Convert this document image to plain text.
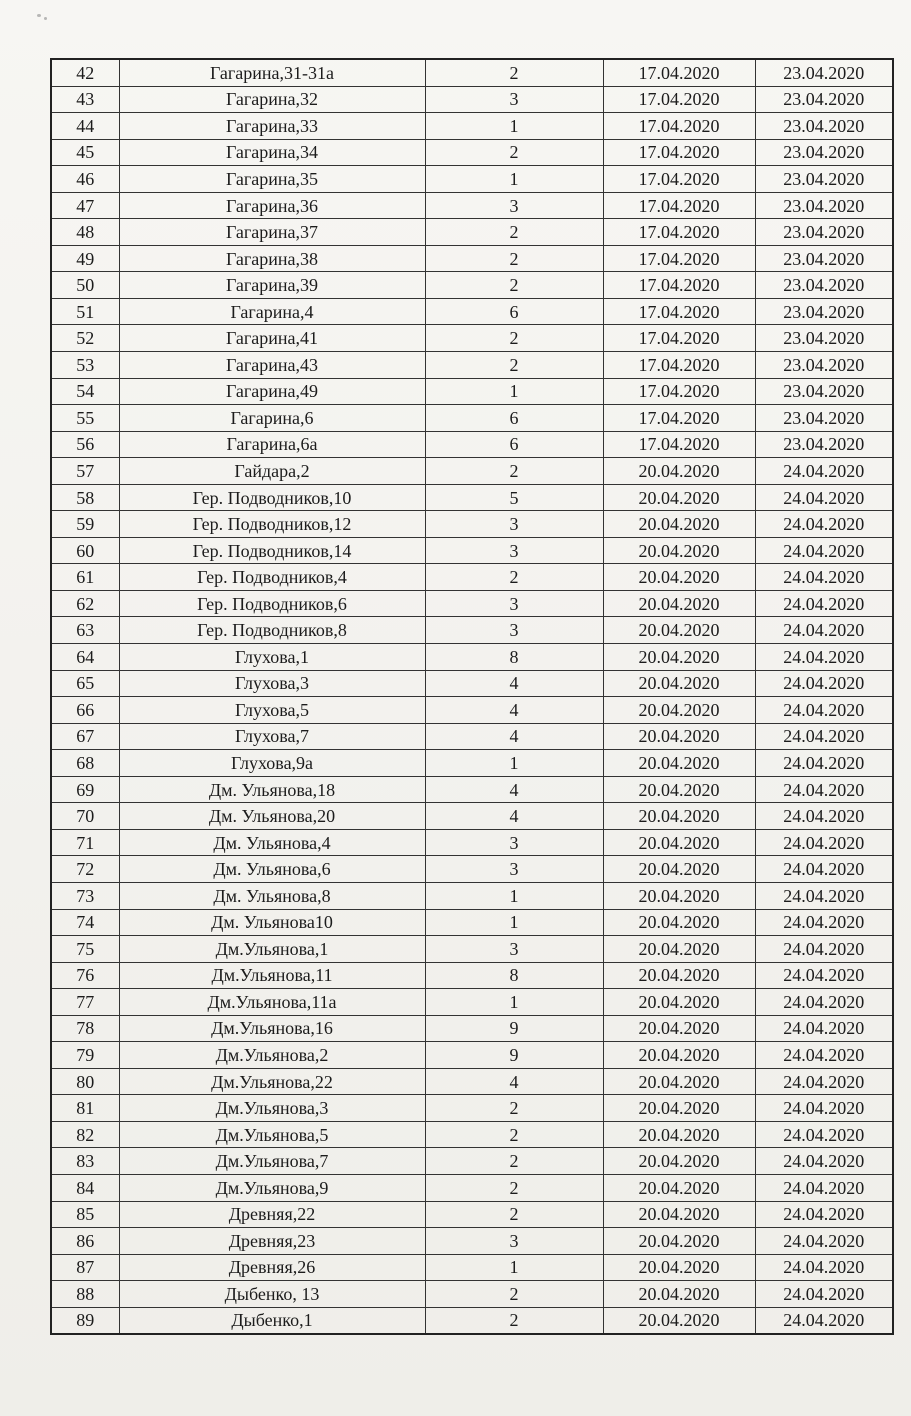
42	Гагарина,31-31а	2	17.04.2020	23.04.2020
43	Гагарина,32	3	17.04.2020	23.04.2020
44	Гагарина,33	1	17.04.2020	23.04.2020
45	Гагарина,34	2	17.04.2020	23.04.2020
46	Гагарина,35	1	17.04.2020	23.04.2020
47	Гагарина,36	3	17.04.2020	23.04.2020
48	Гагарина,37	2	17.04.2020	23.04.2020
49	Гагарина,38	2	17.04.2020	23.04.2020
50	Гагарина,39	2	17.04.2020	23.04.2020
51	Гагарина,4	6	17.04.2020	23.04.2020
52	Гагарина,41	2	17.04.2020	23.04.2020
53	Гагарина,43	2	17.04.2020	23.04.2020
54	Гагарина,49	1	17.04.2020	23.04.2020
55	Гагарина,6	6	17.04.2020	23.04.2020
56	Гагарина,6а	6	17.04.2020	23.04.2020
57	Гайдара,2	2	20.04.2020	24.04.2020
58	Гер. Подводников,10	5	20.04.2020	24.04.2020
59	Гер. Подводников,12	3	20.04.2020	24.04.2020
60	Гер. Подводников,14	3	20.04.2020	24.04.2020
61	Гер. Подводников,4	2	20.04.2020	24.04.2020
62	Гер. Подводников,6	3	20.04.2020	24.04.2020
63	Гер. Подводников,8	3	20.04.2020	24.04.2020
64	Глухова,1	8	20.04.2020	24.04.2020
65	Глухова,3	4	20.04.2020	24.04.2020
66	Глухова,5	4	20.04.2020	24.04.2020
67	Глухова,7	4	20.04.2020	24.04.2020
68	Глухова,9а	1	20.04.2020	24.04.2020
69	Дм. Ульянова,18	4	20.04.2020	24.04.2020
70	Дм. Ульянова,20	4	20.04.2020	24.04.2020
71	Дм. Ульянова,4	3	20.04.2020	24.04.2020
72	Дм. Ульянова,6	3	20.04.2020	24.04.2020
73	Дм. Ульянова,8	1	20.04.2020	24.04.2020
74	Дм. Ульянова10	1	20.04.2020	24.04.2020
75	Дм.Ульянова,1	3	20.04.2020	24.04.2020
76	Дм.Ульянова,11	8	20.04.2020	24.04.2020
77	Дм.Ульянова,11а	1	20.04.2020	24.04.2020
78	Дм.Ульянова,16	9	20.04.2020	24.04.2020
79	Дм.Ульянова,2	9	20.04.2020	24.04.2020
80	Дм.Ульянова,22	4	20.04.2020	24.04.2020
81	Дм.Ульянова,3	2	20.04.2020	24.04.2020
82	Дм.Ульянова,5	2	20.04.2020	24.04.2020
83	Дм.Ульянова,7	2	20.04.2020	24.04.2020
84	Дм.Ульянова,9	2	20.04.2020	24.04.2020
85	Древняя,22	2	20.04.2020	24.04.2020
86	Древняя,23	3	20.04.2020	24.04.2020
87	Древняя,26	1	20.04.2020	24.04.2020
88	Дыбенко, 13	2	20.04.2020	24.04.2020
89	Дыбенко,1	2	20.04.2020	24.04.2020
